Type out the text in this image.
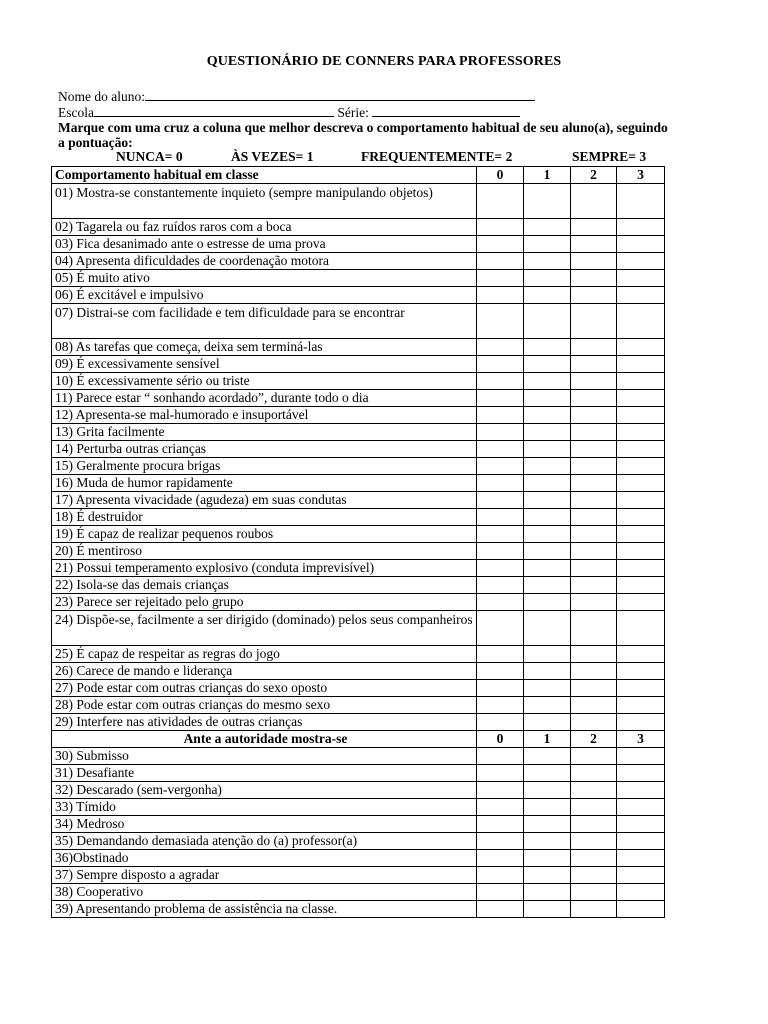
QUESTIONÁRIO DE CONNERS PARA PROFESSORES
Nome do aluno:
Escola	Série:
Marque com uma cruz a coluna que melhor descreva o comportamento habitual de seu aluno(a), seguindo
a pontuação:
NUNCA= 0	ÀS VEZES= 1	FREQUENTEMENTE= 2	SEMPRE= 3
Comportamento habitual em classe	0	1	2	3
01) Mostra-se constantemente inquieto (sempre manipulando objetos)				
02) Tagarela ou faz ruídos raros com a boca				
03) Fica desanimado ante o estresse de uma prova				
04) Apresenta dificuldades de coordenação motora				
05) É muito ativo				
06) É excitável e impulsivo				
07) Distrai-se com facilidade e tem dificuldade para se encontrar				
08) As tarefas que começa, deixa sem terminá-las				
09) É excessivamente sensível				
10) É excessivamente sério ou triste				
11) Parece estar “ sonhando acordado”, durante todo o dia				
12) Apresenta-se mal-humorado e insuportável				
13) Grita facilmente				
14) Perturba outras crianças				
15) Geralmente procura brigas				
16) Muda de humor rapidamente				
17) Apresenta vivacidade (agudeza) em suas condutas				
18) É destruidor				
19) É capaz de realizar pequenos roubos				
20) É mentiroso				
21) Possui temperamento explosivo (conduta imprevisível)				
22) Isola-se das demais crianças				
23) Parece ser rejeitado pelo grupo				
24) Dispõe-se, facilmente a ser dirigido (dominado) pelos seus companheiros				
25) É capaz de respeitar as regras do jogo				
26) Carece de mando e liderança				
27) Pode estar com outras crianças do sexo oposto				
28) Pode estar com outras crianças do mesmo sexo				
29) Interfere nas atividades de outras crianças				
Ante a autoridade mostra-se	0	1	2	3
30) Submisso				
31) Desafiante				
32) Descarado (sem-vergonha)				
33) Tímido				
34) Medroso				
35) Demandando demasiada atenção do (a) professor(a)				
36)Obstinado				
37) Sempre disposto a agradar				
38) Cooperativo				
39) Apresentando problema de assistência na classe.				
